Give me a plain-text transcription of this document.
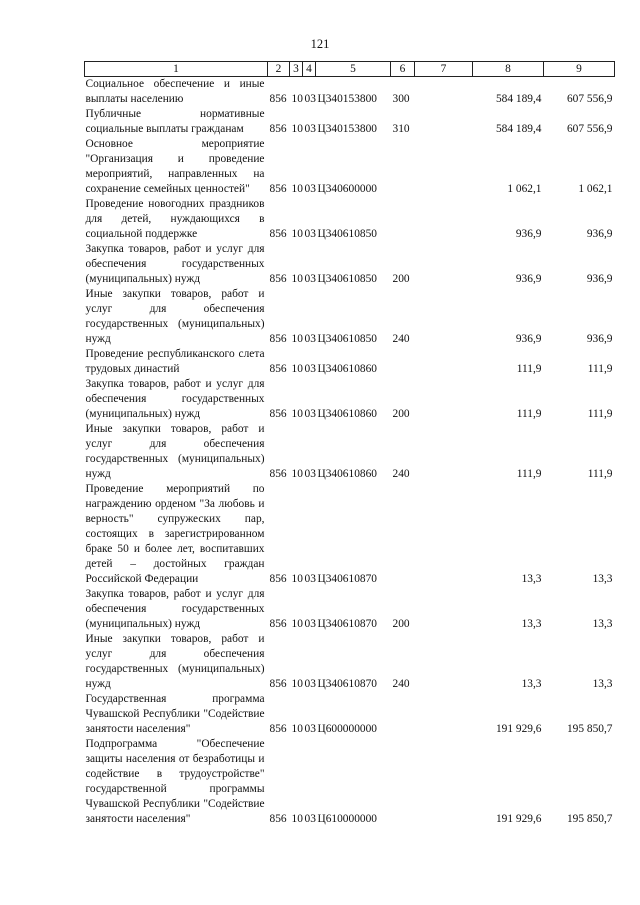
121
1	2	3	4	5	6	7	8	9
Социальное обеспечение и иные выплаты населению	856	10	03	Ц340153800	300		584 189,4	607 556,9
Публичные нормативные социальные выплаты гражданам	856	10	03	Ц340153800	310		584 189,4	607 556,9
Основное мероприятие "Организация и проведение мероприятий, направленных на сохранение семейных ценностей"	856	10	03	Ц340600000			1 062,1	1 062,1
Проведение новогодних праздников для детей, нуждающихся в социальной поддержке	856	10	03	Ц340610850			936,9	936,9
Закупка товаров, работ и услуг для обеспечения государственных (муниципальных) нужд	856	10	03	Ц340610850	200		936,9	936,9
Иные закупки товаров, работ и услуг для обеспечения государственных (муниципальных) нужд	856	10	03	Ц340610850	240		936,9	936,9
Проведение республиканского слета трудовых династий	856	10	03	Ц340610860			111,9	111,9
Закупка товаров, работ и услуг для обеспечения государственных (муниципальных) нужд	856	10	03	Ц340610860	200		111,9	111,9
Иные закупки товаров, работ и услуг для обеспечения государственных (муниципальных) нужд	856	10	03	Ц340610860	240		111,9	111,9
Проведение мероприятий по награждению орденом "За любовь и верность" супружеских пар, состоящих в зарегистрированном браке 50 и более лет, воспитавших детей – достойных граждан Российской Федерации	856	10	03	Ц340610870			13,3	13,3
Закупка товаров, работ и услуг для обеспечения государственных (муниципальных) нужд	856	10	03	Ц340610870	200		13,3	13,3
Иные закупки товаров, работ и услуг для обеспечения государственных (муниципальных) нужд	856	10	03	Ц340610870	240		13,3	13,3
Государственная программа Чувашской Республики "Содействие занятости населения"	856	10	03	Ц600000000			191 929,6	195 850,7
Подпрограмма "Обеспечение защиты населения от безработицы и содействие в трудоустройстве" государственной программы Чувашской Республики "Содействие занятости населения"	856	10	03	Ц610000000			191 929,6	195 850,7
